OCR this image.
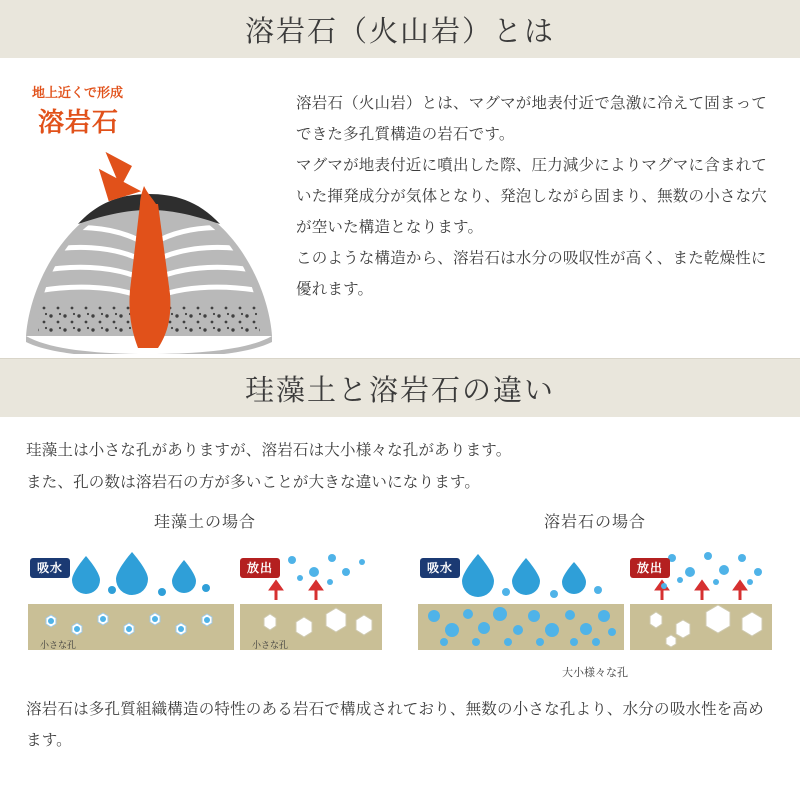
溶岩石（火山岩）とは
地上近くで形成
溶岩石

溶岩石（火山岩）とは、マグマが地表付近で急激に冷えて固まってできた多孔質構造の岩石です。

マグマが地表付近に噴出した際、圧力減少によりマグマに含まれていた揮発成分が気体となり、発泡しながら固まり、無数の小さな穴が空いた構造となります。

このような構造から、溶岩石は水分の吸収性が高く、また乾燥性に優れます。

珪藻土と溶岩石の違い

珪藻土は小さな孔がありますが、溶岩石は大小様々な孔があります。

また、孔の数は溶岩石の方が多いことが大きな違いになります。

珪藻土の場合
吸水	放出
小さな孔	小さな孔
溶岩石の場合
吸水	放出
大小様々な孔

溶岩石は多孔質組織構造の特性のある岩石で構成されており、無数の小さな孔より、水分の吸水性を高めます。
